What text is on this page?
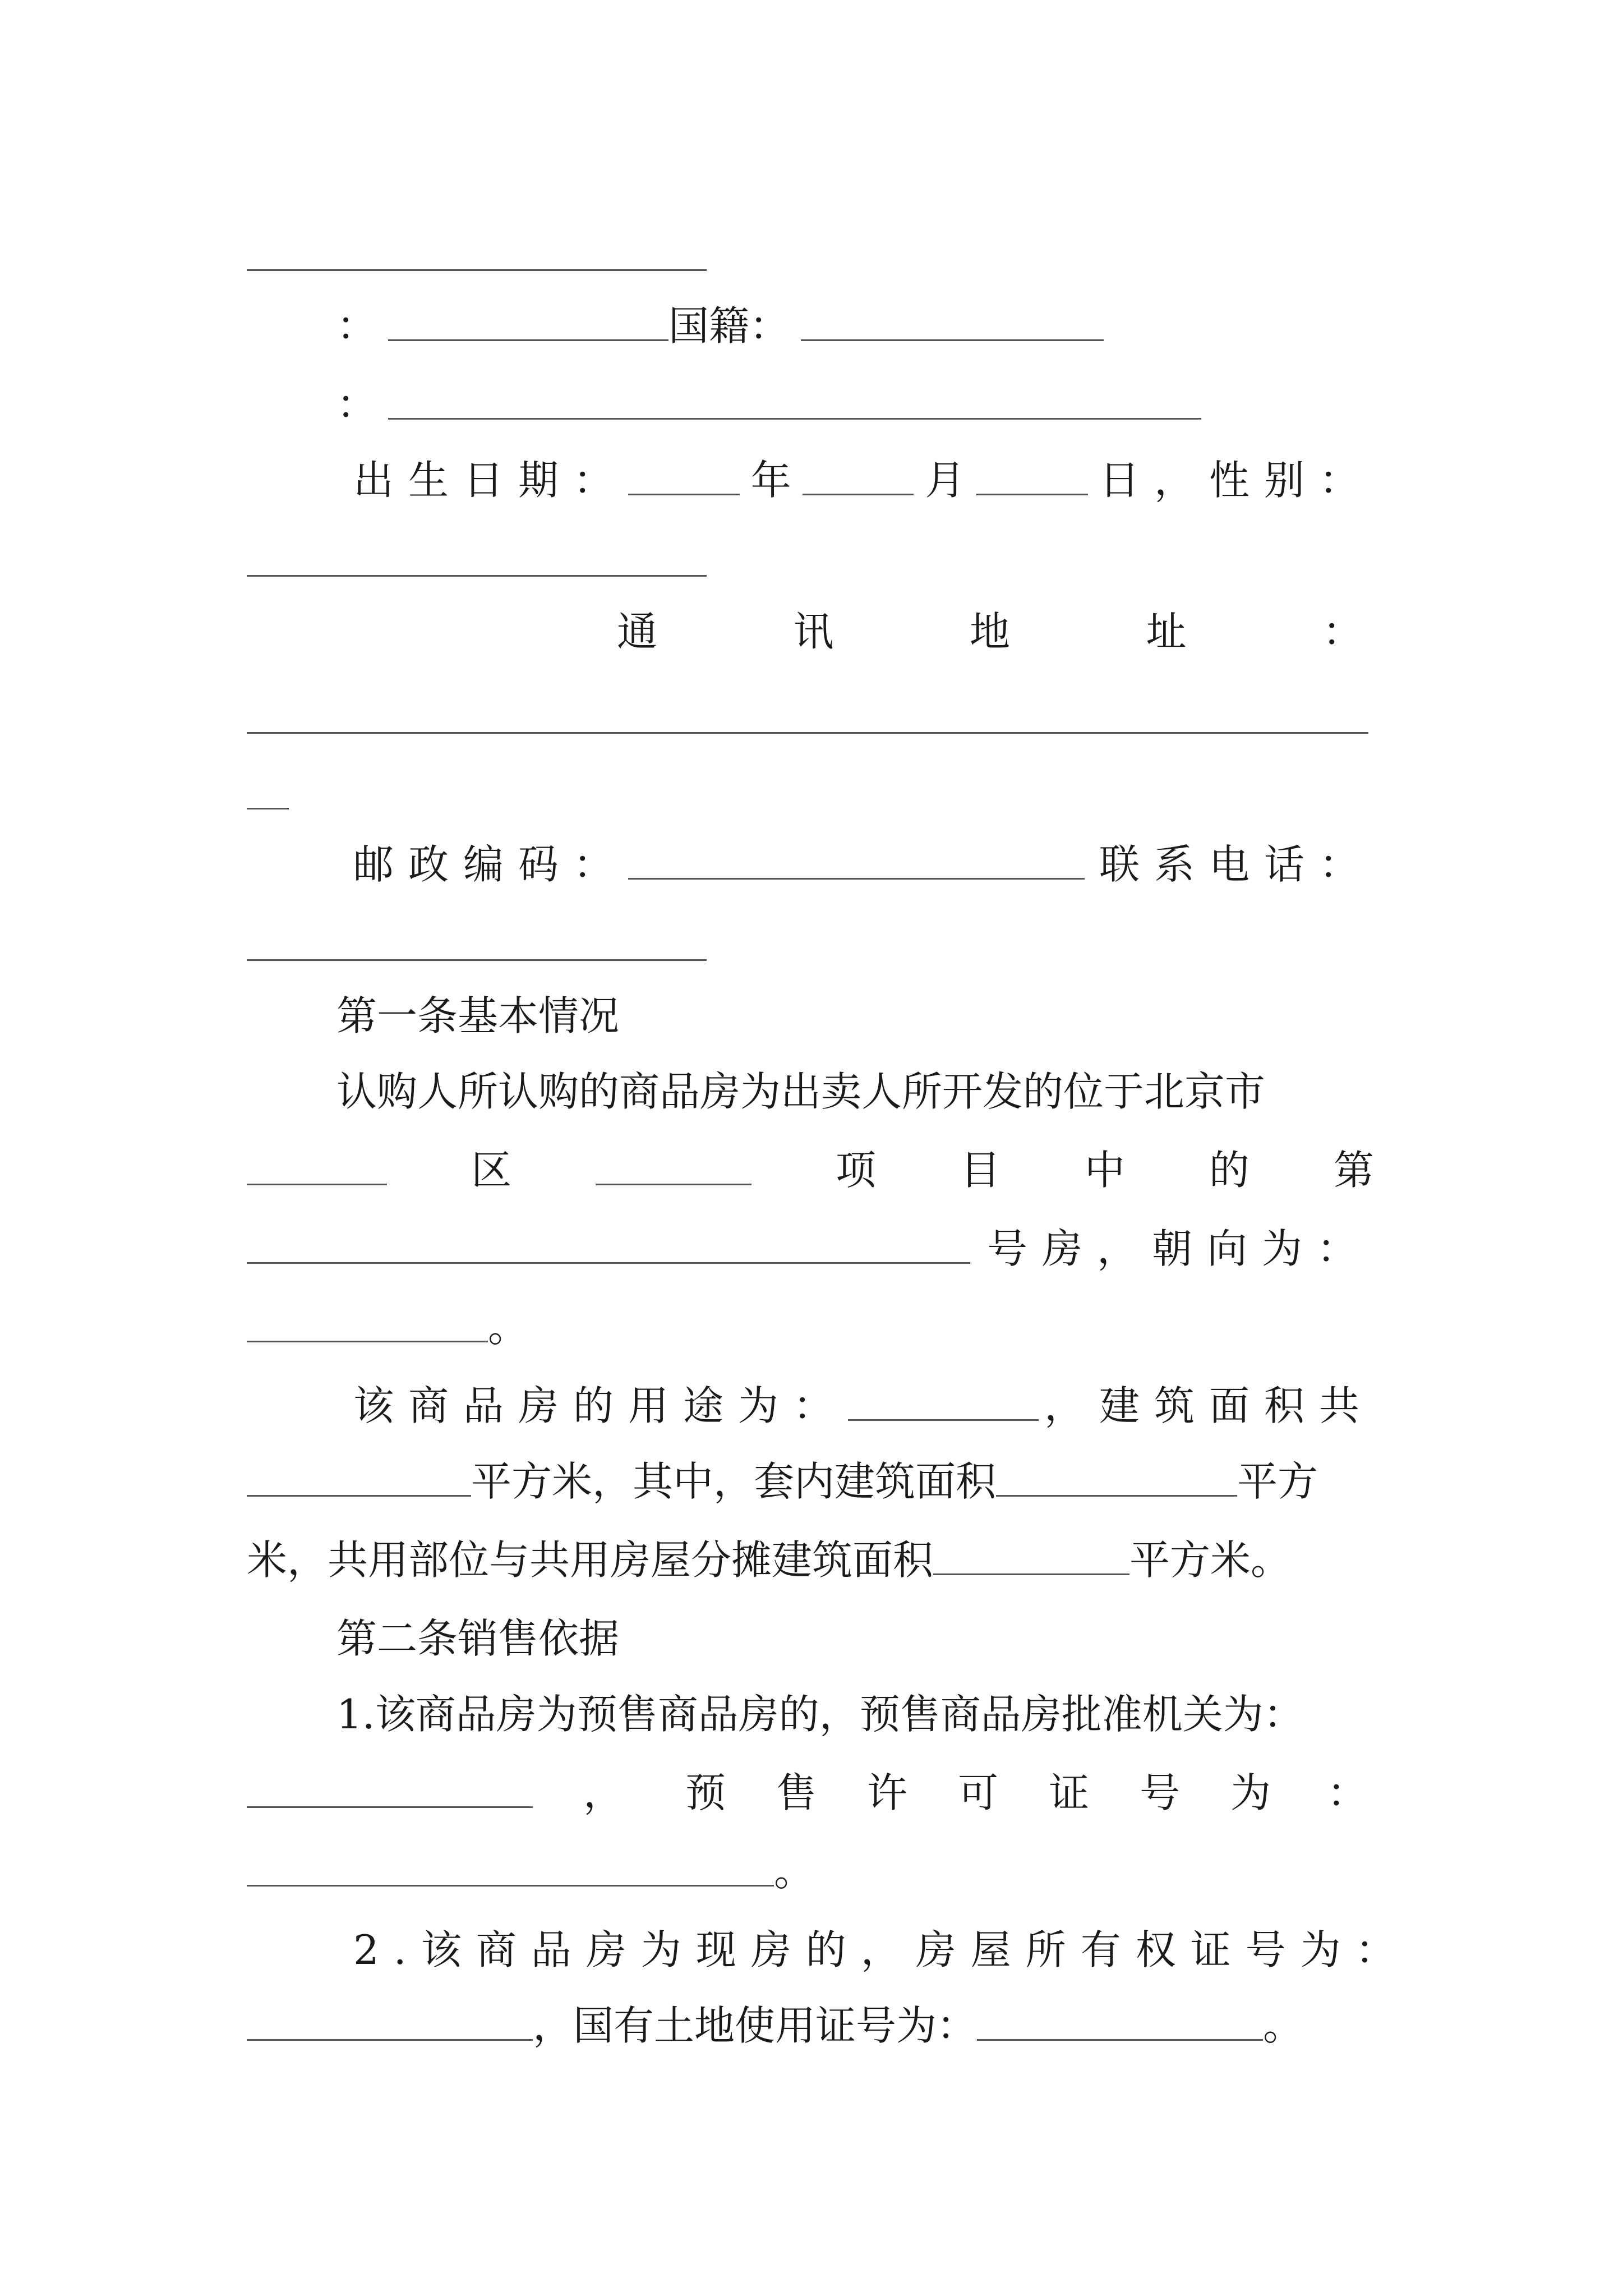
：	国籍：
：
出生日期：	年	月	日， 性别：
通	讯	地	址	：
邮政编码：	联系电话：
第一条基本情况
认购人所认购的商品房为出卖人所开发的位于北京市
区	项 目 中 的 第
号房，朝向为：
。
该商品房的用途为：	，建筑面积共
平方米，其中，套内建筑面积	平方
米，共用部位与共用房屋分摊建筑面积	平方米。
第二条销售依据
1.该商品房为预售商品房的，预售商品房批准机关为：
， 预 售 许 可 证 号 为 ：
。
2.该商品房为现房的，房屋所有权证号为：
，国有土地使用证号为：	。
